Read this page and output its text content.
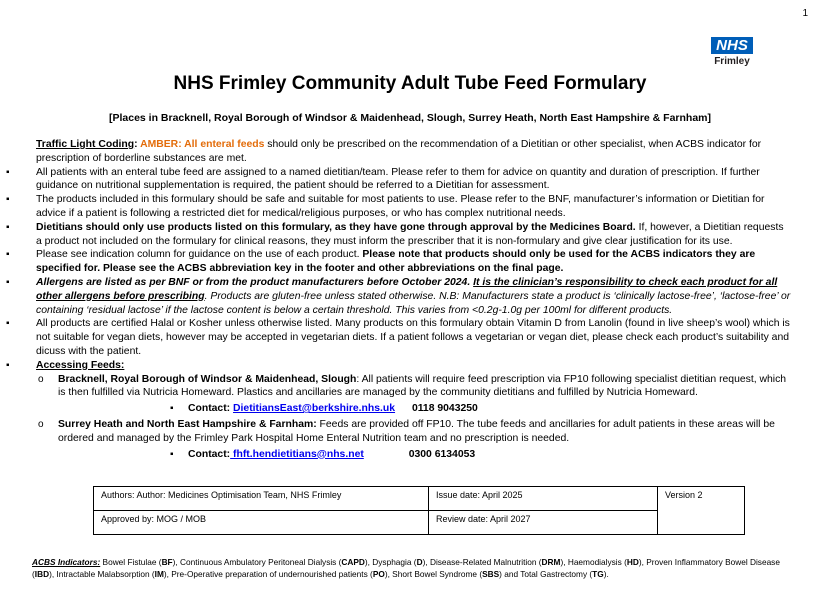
1
NHS
Frimley
NHS Frimley Community Adult Tube Feed Formulary
[Places in Bracknell, Royal Borough of Windsor & Maidenhead, Slough, Surrey Heath, North East Hampshire & Farnham]

Traffic Light Coding: AMBER: All enteral feeds should only be prescribed on the recommendation of a Dietitian or other specialist, when ACBS indicator for prescription of borderline substances are met.

▪ All patients with an enteral tube feed are assigned to a named dietitian/team. Please refer to them for advice on quantity and duration of prescription. If further guidance on nutritional supplementation is required, the patient should be referred to a Dietitian for assessment.
▪ The products included in this formulary should be safe and suitable for most patients to use. Please refer to the BNF, manufacturer’s information or Dietitian for advice if a patient is following a restricted diet for medical/religious purposes, or who has complex nutritional needs.
▪ Dietitians should only use products listed on this formulary, as they have gone through approval by the Medicines Board. If, however, a Dietitian requests a product not included on the formulary for clinical reasons, they must inform the prescriber that it is non-formulary and give clear justification for its use.
▪ Please see indication column for guidance on the use of each product. Please note that products should only be used for the ACBS indicators they are specified for. Please see the ACBS abbreviation key in the footer and other abbreviations on the final page.
▪ Allergens are listed as per BNF or from the product manufacturers before October 2024. It is the clinician’s responsibility to check each product for all other allergens before prescribing. Products are gluten-free unless stated otherwise. N.B: Manufacturers state a product is ‘clinically lactose-free’, ‘lactose-free’ or containing ‘residual lactose’ if the lactose content is below a certain threshold. This varies from <0.2g-1.0g per 100ml for different products.
▪ All products are certified Halal or Kosher unless otherwise listed. Many products on this formulary obtain Vitamin D from Lanolin (found in live sheep’s wool) which is not suitable for vegan diets, however may be accepted in vegetarian diets. If a patient follows a vegetarian or vegan diet, please check each product’s suitability and dicuss with the patient.
▪ Accessing Feeds:
o Bracknell, Royal Borough of Windsor & Maidenhead, Slough: All patients will require feed prescription via FP10 following specialist dietitian request, which is then fulfilled via Nutricia Homeward. Plastics and ancillaries are managed by the community dietitians and fulfilled by Nutricia Homeward.
▪ Contact: DietitiansEast@berkshire.nhs.uk 0118 9043250
o Surrey Heath and North East Hampshire & Farnham: Feeds are provided off FP10. The tube feeds and ancillaries for adult patients in these areas will be ordered and managed by the Frimley Park Hospital Home Enteral Nutrition team and no prescription is needed.
▪ Contact: fhft.hendietitians@nhs.net	0300 6134053
Authors: Author: Medicines Optimisation Team, NHS Frimley	Issue date: April 2025	Version 2
Approved by: MOG / MOB	Review date: April 2027	
ACBS Indicators: Bowel Fistulae (BF), Continuous Ambulatory Peritoneal Dialysis (CAPD), Dysphagia (D), Disease-Related Malnutrition (DRM), Haemodialysis (HD), Proven Inflammatory Bowel Disease (IBD), Intractable Malabsorption (IM), Pre-Operative preparation of undernourished patients (PO), Short Bowel Syndrome (SBS) and Total Gastrectomy (TG).
